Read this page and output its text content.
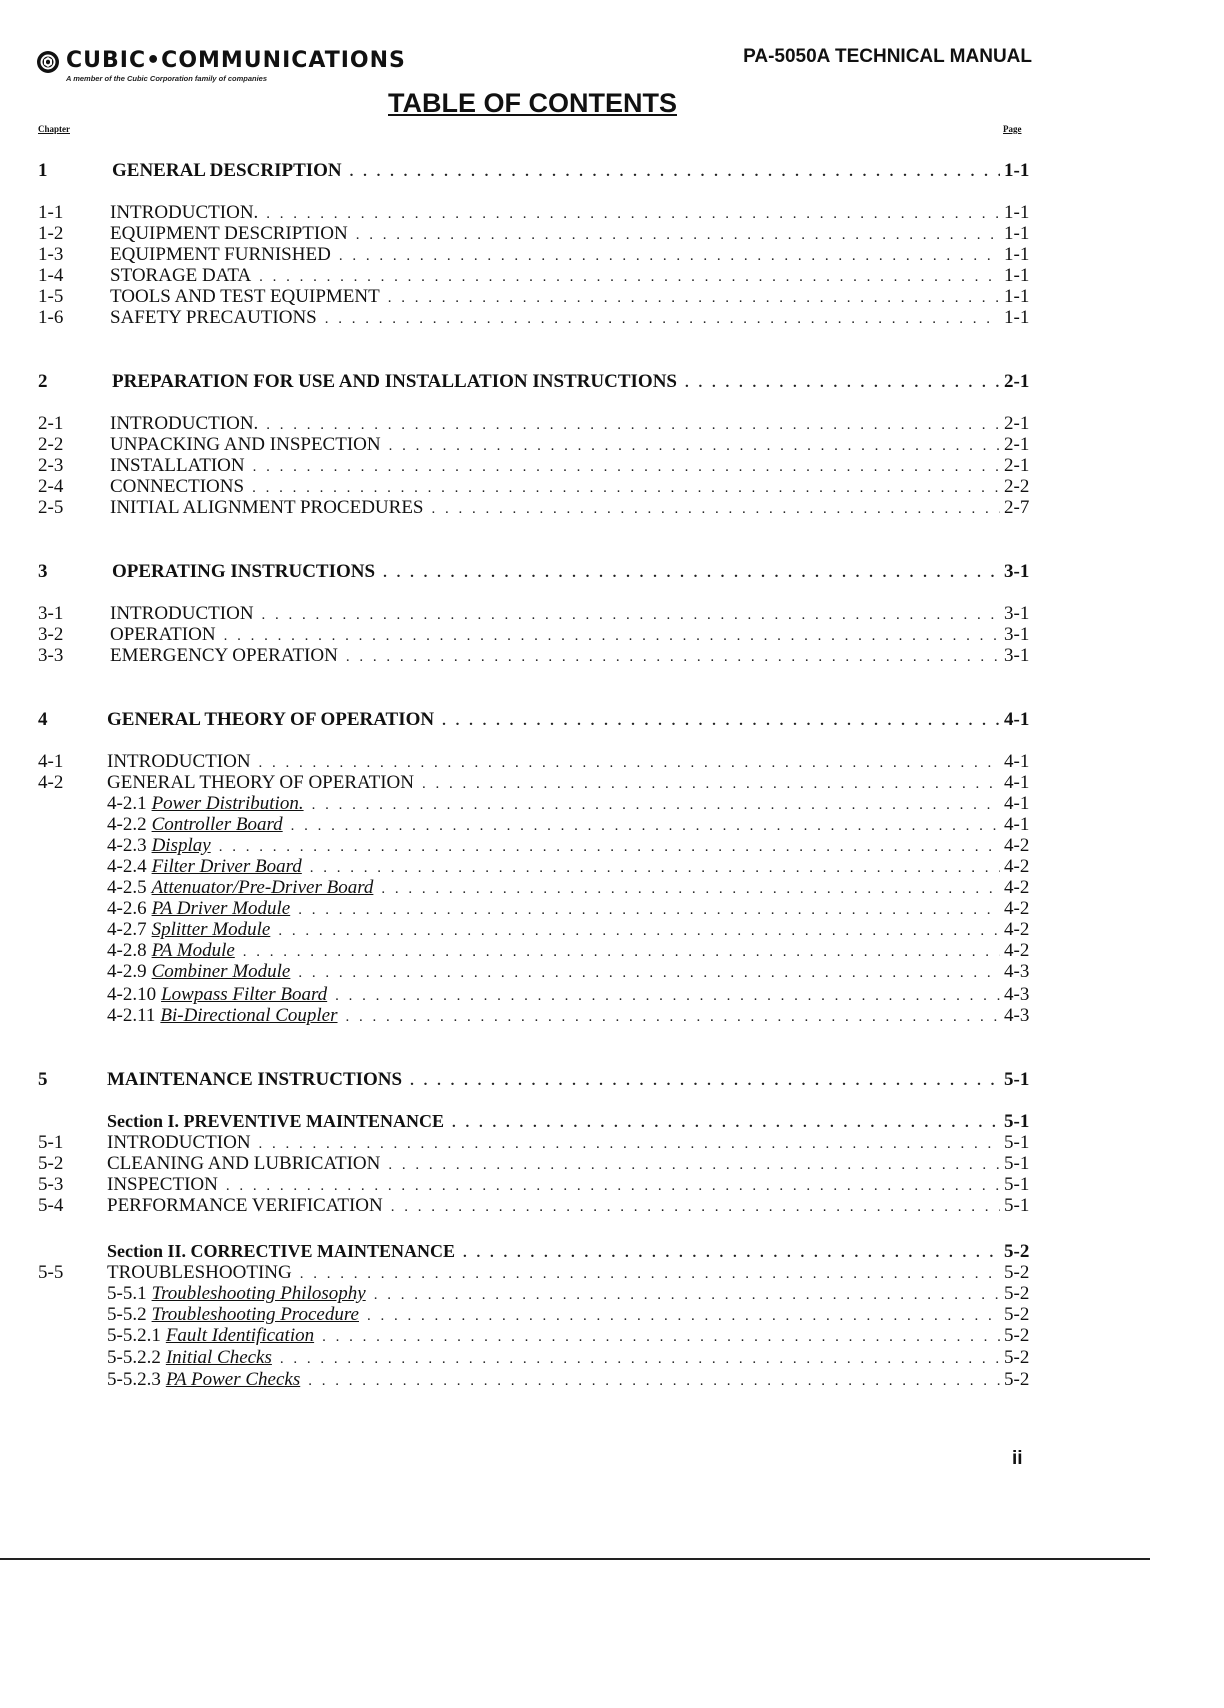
CUBIC•COMMUNICATIONS
A member of the Cubic Corporation family of companies
PA-5050A TECHNICAL MANUAL
TABLE OF CONTENTS
Chapter	Page
1	GENERAL DESCRIPTION . . .	1-1
1-1 INTRODUCTION. . . .	1-1
1-2 EQUIPMENT DESCRIPTION . . .	1-1
1-3 EQUIPMENT FURNISHED . . .	1-1
1-4 STORAGE DATA . . .	1-1
1-5 TOOLS AND TEST EQUIPMENT . . .	1-1
1-6 SAFETY PRECAUTIONS . . .	1-1
2	PREPARATION FOR USE AND INSTALLATION INSTRUCTIONS . . .	2-1
2-1 INTRODUCTION. . . .	2-1
2-2 UNPACKING AND INSPECTION . . .	2-1
2-3 INSTALLATION . . .	2-1
2-4 CONNECTIONS . . .	2-2
2-5 INITIAL ALIGNMENT PROCEDURES . . .	2-7
3	OPERATING INSTRUCTIONS . . .	3-1
3-1 INTRODUCTION . . .	3-1
3-2 OPERATION . . .	3-1
3-3 EMERGENCY OPERATION . . .	3-1
4	GENERAL THEORY OF OPERATION . . .	4-1
4-1 INTRODUCTION . . .	4-1
4-2 GENERAL THEORY OF OPERATION . . .	4-1
4-2.1 Power Distribution. . . .	4-1
4-2.2 Controller Board . . .	4-1
4-2.3 Display . . .	4-2
4-2.4 Filter Driver Board . . .	4-2
4-2.5 Attenuator/Pre-Driver Board . . .	4-2
4-2.6 PA Driver Module . . .	4-2
4-2.7 Splitter Module . . .	4-2
4-2.8 PA Module . . .	4-2
4-2.9 Combiner Module . . .	4-3
4-2.10 Lowpass Filter Board . . .	4-3
4-2.11 Bi-Directional Coupler . . .	4-3
5	MAINTENANCE INSTRUCTIONS . . .	5-1
Section I. PREVENTIVE MAINTENANCE . . .	5-1
5-1 INTRODUCTION . . .	5-1
5-2 CLEANING AND LUBRICATION . . .	5-1
5-3 INSPECTION . . .	5-1
5-4 PERFORMANCE VERIFICATION . . .	5-1
Section II. CORRECTIVE MAINTENANCE . . .	5-2
5-5 TROUBLESHOOTING . . .	5-2
5-5.1 Troubleshooting Philosophy . . .	5-2
5-5.2 Troubleshooting Procedure . . .	5-2
5-5.2.1 Fault Identification . . .	5-2
5-5.2.2 Initial Checks . . .	5-2
5-5.2.3 PA Power Checks . . .	5-2
ii
